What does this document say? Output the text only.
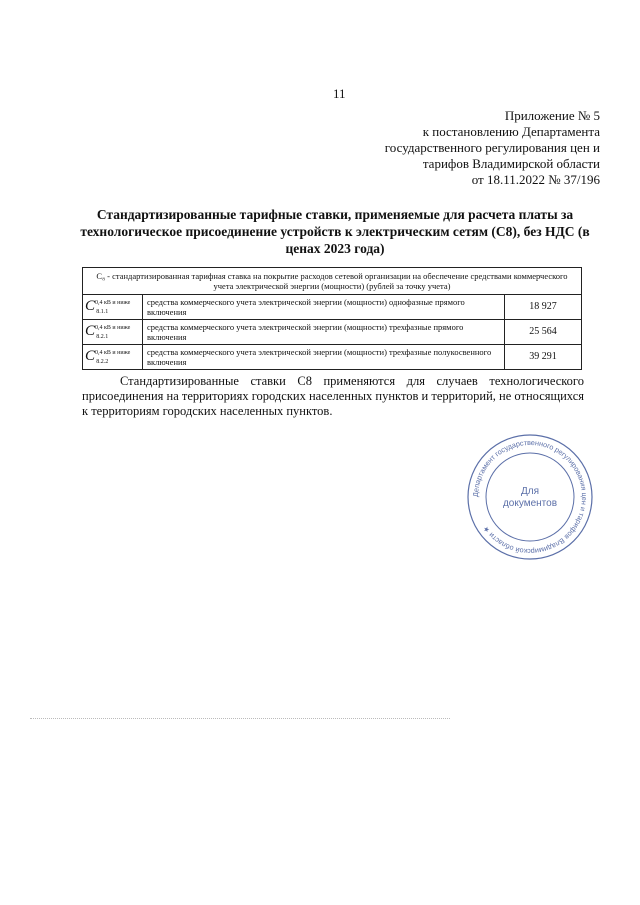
11
Приложение № 5
к постановлению Департамента
государственного регулирования цен и
тарифов Владимирской области
от 18.11.2022 № 37/196
Стандартизированные тарифные ставки, применяемые для расчета платы за технологическое присоединение устройств к электрическим сетям (С8), без НДС (в ценах 2023 года)
С₈ - стандартизированная тарифная ставка на покрытие расходов сетевой организации на обеспечение средствами коммерческого учета электрической энергии (мощности) (рублей за точку учета)		
$C^{0,4 кВ и ниже}_{8.1.1}$	средства коммерческого учета электрической энергии (мощности) однофазные прямого включения	18 927
$C^{0,4 кВ и ниже}_{8.2.1}$	средства коммерческого учета электрической энергии (мощности) трехфазные прямого включения	25 564
$C^{0,4 кВ и ниже}_{8.2.2}$	средства коммерческого учета электрической энергии (мощности) трехфазные полукосвенного включения	39 291
Стандартизированные ставки С8 применяются для случаев технологического присоединения на территориях городских населенных пунктов и территорий, не относящихся к территориям городских населенных пунктов.
Департамент государственного регулирования цен и тарифов Владимирской области ★
Для
документов
